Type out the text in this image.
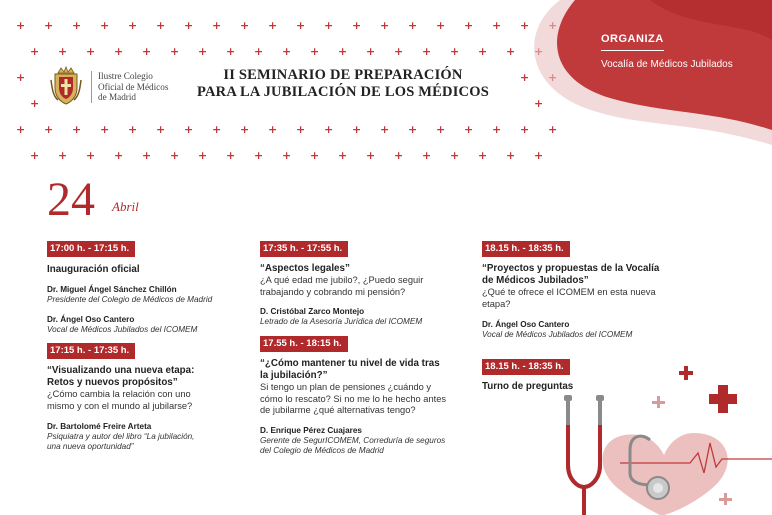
+ + + + + + + + + + + + + + + + + + +
+ + + + + + + + + + + + + + + + + +
+	+
+	+
+ + + + + + + + + + + + + + + + + + + +
+ + + + + + + + + + + + + + + + + + +
ORGANIZA
Vocalía de Médicos Jubilados
Ilustre Colegio
Oficial de Médicos
de Madrid
II SEMINARIO DE PREPARACIÓN
PARA LA JUBILACIÓN DE LOS MÉDICOS
24 Abril
17:00 h. - 17:15 h.
Inauguración oficial
Dr. Miguel Ángel Sánchez Chillón
Presidente del Colegio de Médicos de Madrid
Dr. Ángel Oso Cantero
Vocal de Médicos Jubilados del ICOMEM
17:15 h. - 17:35 h.
“Visualizando una nueva etapa:
Retos y nuevos propósitos”
¿Cómo cambia la relación con uno
mismo y con el mundo al jubilarse?
Dr. Bartolomé Freire Arteta
Psiquiatra y autor del libro “La jubilación,
una nueva oportunidad”
17:35 h. - 17:55 h.
“Aspectos legales”
¿A qué edad me jubilo?, ¿Puedo seguir
trabajando y cobrando mi pensión?
D. Cristóbal Zarco Montejo
Letrado de la Asesoría Jurídica del ICOMEM
17.55 h. - 18:15 h.
“¿Cómo mantener tu nivel de vida tras
la jubilación?”
Si tengo un plan de pensiones ¿cuándo y
cómo lo rescato? Si no me lo he hecho antes
de jubilarme ¿qué alternativas tengo?
D. Enrique Pérez Cuajares
Gerente de SegurICOMEM, Correduría de seguros
del Colegio de Médicos de Madrid
18.15 h. - 18:35 h.
“Proyectos y propuestas de la Vocalía
de Médicos Jubilados”
¿Qué te ofrece el ICOMEM en esta nueva
etapa?
Dr. Ángel Oso Cantero
Vocal de Médicos Jubilados del ICOMEM
18.15 h. - 18:35 h.
Turno de preguntas
